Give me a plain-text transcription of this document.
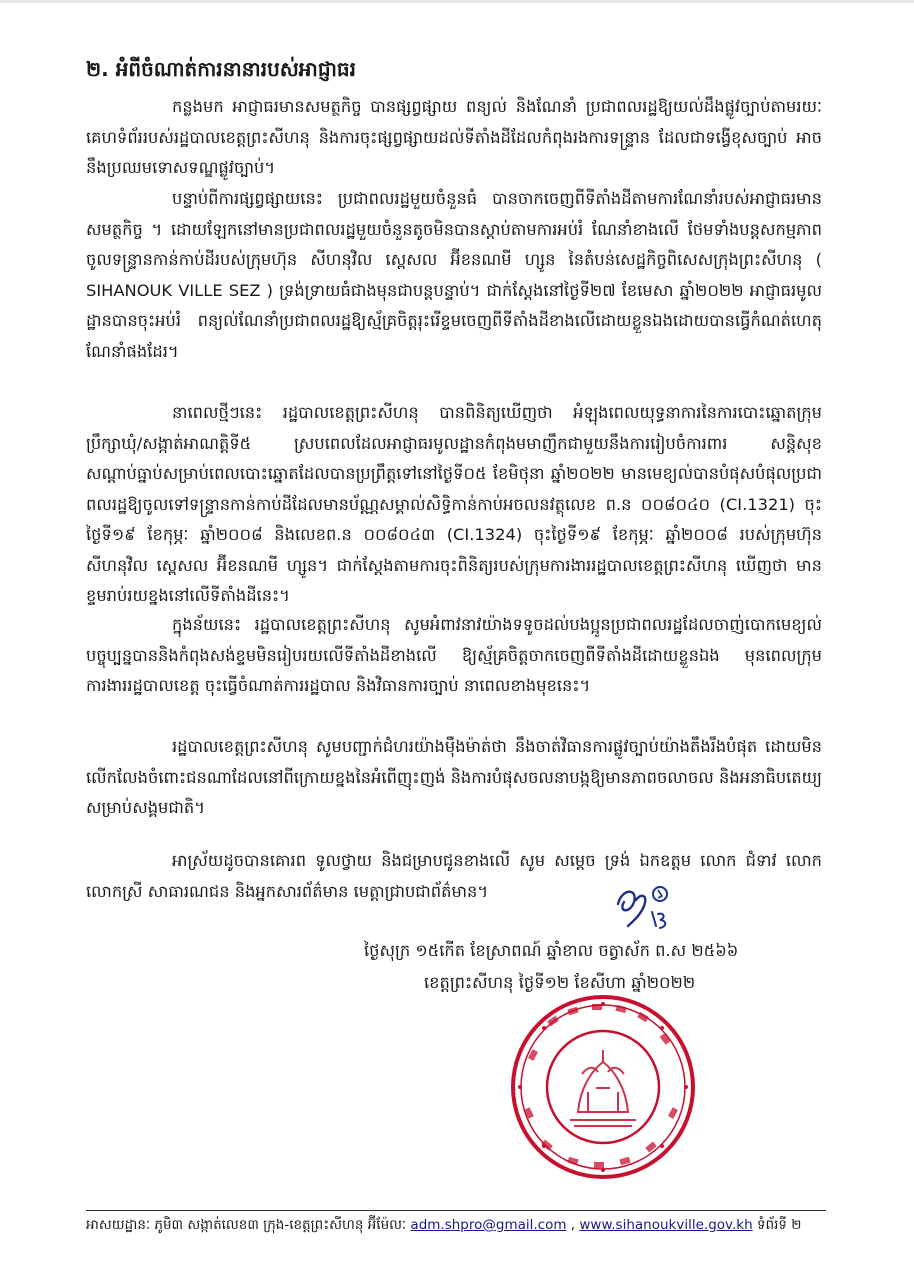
២. អំពីចំណាត់ការនានារបស់អាជ្ញាធរ

កន្លងមក អាជ្ញាធរមានសមត្ថកិច្ច បានផ្សព្វផ្សាយ ពន្យល់ និងណែនាំ ប្រជាពលរដ្ឋឱ្យយល់ដឹងផ្លូវច្បាប់តាមរយៈគេហទំព័ររបស់រដ្ឋបាលខេត្តព្រះសីហនុ និងការចុះផ្សព្វផ្សាយដល់ទីតាំងដីដែលកំពុងរងការទន្ទ្រាន ដែលជាទង្វើខុសច្បាប់ អាចនឹងប្រឈមទោសទណ្ឌផ្លូវច្បាប់។

បន្ទាប់ពីការផ្សព្វផ្សាយនេះ ប្រជាពលរដ្ឋមួយចំនួនធំ បានចាកចេញពីទីតាំងដីតាមការណែនាំរបស់អាជ្ញាធរមានសមត្ថកិច្ច ។ ដោយឡែកនៅមានប្រជាពលរដ្ឋមួយចំនួនតូចមិនបានស្តាប់តាមការអប់រំ ណែនាំខាងលើ ថែមទាំងបន្តសកម្មភាពចូលទន្ទ្រានកាន់កាប់ដីរបស់ក្រុមហ៊ុន សីហនុវិល ស្ពេសល អ៊ីខនណមី ហ្សូន នៃតំបន់សេដ្ឋកិច្ចពិសេសក្រុងព្រះសីហនុ ( SIHANOUK VILLE SEZ ) ទ្រង់ទ្រាយធំជាងមុនជាបន្តបន្ទាប់។ ជាក់ស្តែងនៅថ្ងៃទី២៧ ខែមេសា ឆ្នាំ២០២២ អាជ្ញាធរមូលដ្ឋានបានចុះអប់រំ ពន្យល់ណែនាំប្រជាពលរដ្ឋឱ្យស្ម័គ្រចិត្តរុះរើខ្ទមចេញពីទីតាំងដីខាងលើដោយខ្លួនឯងដោយបានធ្វើកំណត់ហេតុណែនាំផងដែរ។

នាពេលថ្មីៗនេះ រដ្ឋបាលខេត្តព្រះសីហនុ បានពិនិត្យឃើញថា អំឡុងពេលយុទ្ធនាការនៃការបោះឆ្នោតក្រុមប្រឹក្សាឃុំ/សង្កាត់អាណត្តិទី៥ ស្របពេលដែលអាជ្ញាធរមូលដ្ឋានកំពុងមមាញឹកជាមួយនឹងការរៀបចំការពារ សន្តិសុខ សណ្តាប់ធ្នាប់សម្រាប់ពេលបោះឆ្នោតដែលបានប្រព្រឹត្តទៅនៅថ្ងៃទី០៥ ខែមិថុនា ឆ្នាំ២០២២ មានមេខ្យល់បានបំផុសបំផុលប្រជាពលរដ្ឋឱ្យចូលទៅទន្ទ្រានកាន់កាប់ដីដែលមានប័ណ្ណសម្គាល់សិទ្ធិកាន់កាប់អចលនវត្ថុលេខ ព.ន ០០៨០៤០ (CI.1321) ចុះថ្ងៃទី១៩ ខែកុម្ភៈ ឆ្នាំ២០០៨ និងលេខព.ន ០០៨០៤៣ (CI.1324) ចុះថ្ងៃទី១៩ ខែកុម្ភៈ ឆ្នាំ២០០៨ របស់ក្រុមហ៊ុន សីហនុវិល ស្ពេសល អ៊ីខនណមី ហ្សូន។ ជាក់ស្តែងតាមការចុះពិនិត្យរបស់ក្រុមការងាររដ្ឋបាលខេត្តព្រះសីហនុ ឃើញថា មានខ្ទមរាប់រយខ្នងនៅលើទីតាំងដីនេះ។

ក្នុងន័យនេះ រដ្ឋបាលខេត្តព្រះសីហនុ សូមអំពាវនាវយ៉ាងទទូចដល់បងប្អូនប្រជាពលរដ្ឋដែលចាញ់បោកមេខ្យល់ បច្ចុប្បន្នបាននិងកំពុងសង់ខ្ទមមិនរៀបរយលើទីតាំងដីខាងលើ ឱ្យស្ម័គ្រចិត្តចាកចេញពីទីតាំងដីដោយខ្លួនឯង មុនពេលក្រុមការងាររដ្ឋបាលខេត្ត ចុះធ្វើចំណាត់ការរដ្ឋបាល និងវិធានការច្បាប់ នាពេលខាងមុខនេះ។

រដ្ឋបាលខេត្តព្រះសីហនុ សូមបញ្ជាក់ជំហរយ៉ាងម៉ឺងម៉ាត់ថា នឹងចាត់វិធានការផ្លូវច្បាប់យ៉ាងតឹងរឹងបំផុត ដោយមិនលើកលែងចំពោះជនណាដែលនៅពីក្រោយខ្នងនៃអំពើញុះញង់ និងការបំផុសចលនាបង្កឱ្យមានភាពចលាចល និងអនាធិបតេយ្យសម្រាប់សង្គមជាតិ។

អាស្រ័យដូចបានគោរព ទូលថ្វាយ និងជម្រាបជូនខាងលើ សូម សម្តេច ទ្រង់ ឯកឧត្តម លោក ជំទាវ លោក លោកស្រី សាធារណជន និងអ្នកសារព័ត៌មាន មេត្តាជ្រាបជាព័ត៌មាន។

ថ្ងៃសុក្រ ១៥កើត ខែស្រាពណ៍ ឆ្នាំខាល ចត្វាស័ក ព.ស ២៥៦៦
ខេត្តព្រះសីហនុ ថ្ងៃទី១២ ខែសីហា ឆ្នាំ២០២២
អាសយដ្ឋានៈ ភូមិ៣ សង្កាត់លេខ៣ ក្រុង-ខេត្តព្រះសីហនុ អ៊ីម៉ែលៈ adm.shpro@gmail.com , www.sihanoukville.gov.kh ទំព័រទី ២
